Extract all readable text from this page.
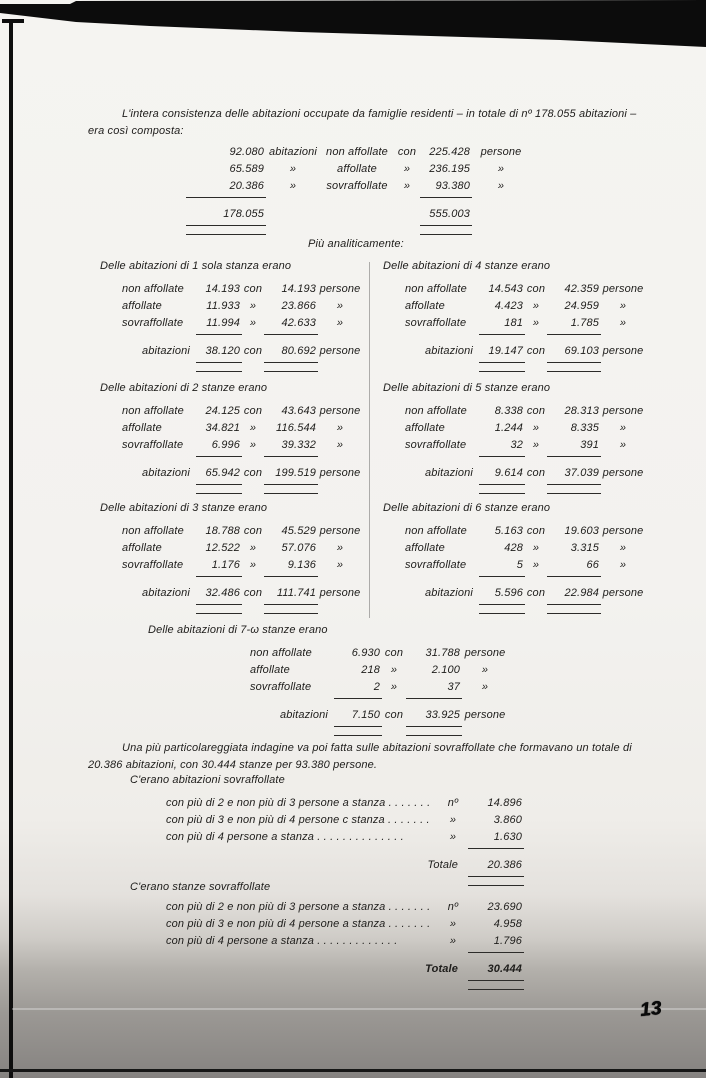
L'intera consistenza delle abitazioni occupate da famiglie residenti – in totale di nº 178.055 abitazioni – era così composta:

92.080 abitazioni non affollate con	225.428 persone
65.589	»	affollate	»	236.195	»
20.386	»	sovraffollate	»	93.380	»
178.055	555.003
Più analiticamente:
Delle abitazioni di 1 sola stanza erano
non affollate	14.193 con	14.193 persone
affollate	11.933 »	23.866	»
sovraffollate	11.994 »	42.633	»
abitazioni	38.120 con	80.692 persone
Delle abitazioni di 2 stanze erano
non affollate	24.125 con	43.643 persone
affollate	34.821 »	116.544	»
sovraffollate	6.996 »	39.332	»
abitazioni	65.942 con	199.519 persone
Delle abitazioni di 3 stanze erano
non affollate	18.788 con	45.529 persone
affollate	12.522 »	57.076	»
sovraffollate	1.176 »	9.136	»
abitazioni	32.486 con	111.741 persone
Delle abitazioni di 4 stanze erano
non affollate	14.543 con	42.359 persone
affollate	4.423 »	24.959	»
sovraffollate	181 »	1.785	»
abitazioni	19.147 con	69.103 persone
Delle abitazioni di 5 stanze erano
non affollate	8.338 con	28.313 persone
affollate	1.244 »	8.335	»
sovraffollate	32 »	391	»
abitazioni	9.614 con	37.039 persone
Delle abitazioni di 6 stanze erano
non affollate	5.163 con	19.603 persone
affollate	428 »	3.315	»
sovraffollate	5 »	66	»
abitazioni	5.596 con	22.984 persone
Delle abitazioni di 7-ω stanze erano
non affollate	6.930 con	31.788 persone
affollate	218 »	2.100	»
sovraffollate	2 »	37	»
abitazioni	7.150 con	33.925 persone

Una più particolareggiata indagine va poi fatta sulle abitazioni sovraffollate che formavano un totale di 20.386 abitazioni, con 30.444 stanze per 93.380 persone.

C'erano abitazioni sovraffollate
con più di 2 e non più di 3 persone a stanza . . . . . . .	nº	14.896
con più di 3 e non più di 4 persone c stanza . . . . . . .	»	3.860
con più di 4 persone a stanza . . . . . . . . . . . . . .	»	1.630
Totale	20.386
C'erano stanze sovraffollate
con più di 2 e non più di 3 persone a stanza . . . . . . .	nº	23.690
con più di 3 e non più di 4 persone a stanza . . . . . . .	»	4.958
con più di 4 persone a stanza . . . . . . . . . . . . .	»	1.796
Totale	30.444
13
